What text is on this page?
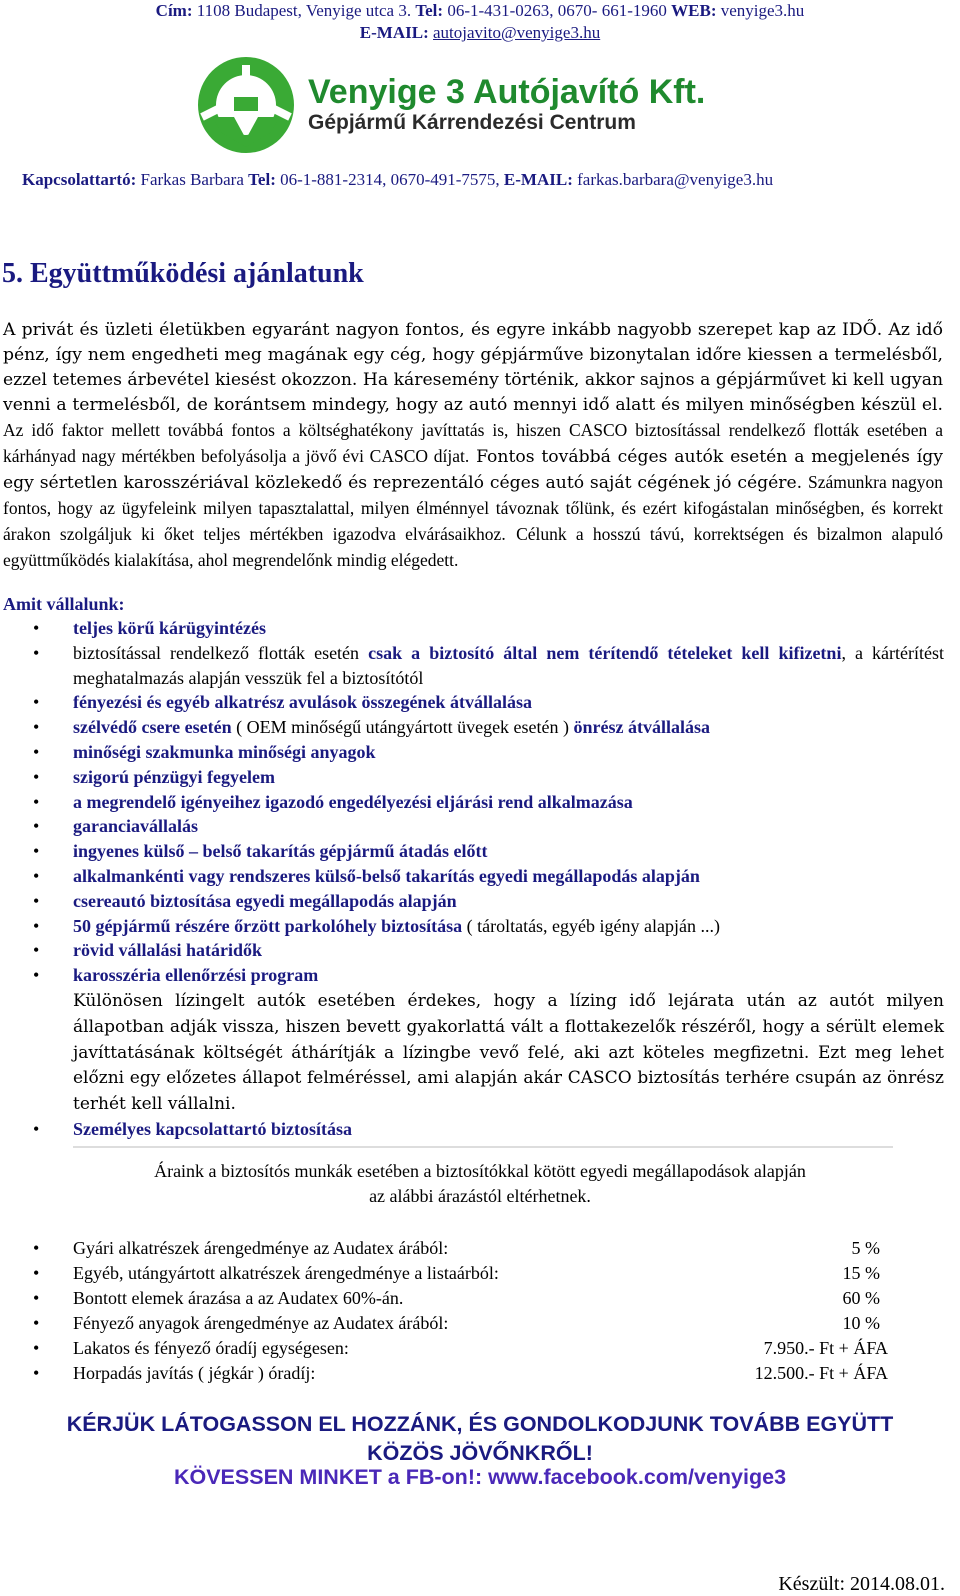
Cím: 1108 Budapest, Venyige utca 3. Tel: 06-1-431-0263, 0670- 661-1960 WEB: venyige3.hu
E-MAIL: autojavito@venyige3.hu
Venyige 3 Autójavító Kft.
Gépjármű Kárrendezési Centrum
Kapcsolattartó: Farkas Barbara Tel: 06-1-881-2314, 0670-491-7575, E-MAIL: farkas.barbara@venyige3.hu
5. Együttműködési ajánlatunk
A privát és üzleti életükben egyaránt nagyon fontos, és egyre inkább nagyobb szerepet kap az IDŐ. Az idő pénz, így nem engedheti meg magának egy cég, hogy gépjárműve bizonytalan időre kiessen a termelésből, ezzel tetemes árbevétel kiesést okozzon. Ha káresemény történik, akkor sajnos a gépjárművet ki kell ugyan venni a termelésből, de korántsem mindegy, hogy az autó mennyi idő alatt és milyen minőségben készül el. Az idő faktor mellett továbbá fontos a költséghatékony javíttatás is, hiszen CASCO biztosítással rendelkező flották esetében a kárhányad nagy mértékben befolyásolja a jövő évi CASCO díjat. Fontos továbbá céges autók esetén a megjelenés így egy sértetlen karosszériával közlekedő és reprezentáló céges autó saját cégének jó cégére. Számunkra nagyon fontos, hogy az ügyfeleink milyen tapasztalattal, milyen élménnyel távoznak tőlünk, és ezért kifogástalan minőségben, és korrekt árakon szolgáljuk ki őket teljes mértékben igazodva elvárásaikhoz. Célunk a hosszú távú, korrektségen és bizalmon alapuló együttműködés kialakítása, ahol megrendelőnk mindig elégedett.
Amit vállalunk:
• teljes körű kárügyintézés
• biztosítással rendelkező flották esetén csak a biztosító által nem térítendő tételeket kell kifizetni, a kártérítést meghatalmazás alapján vesszük fel a biztosítótól
• fényezési és egyéb alkatrész avulások összegének átvállalása
• szélvédő csere esetén ( OEM minőségű utángyártott üvegek esetén ) önrész átvállalása
• minőségi szakmunka minőségi anyagok
• szigorú pénzügyi fegyelem
• a megrendelő igényeihez igazodó engedélyezési eljárási rend alkalmazása
• garanciavállalás
• ingyenes külső – belső takarítás gépjármű átadás előtt
• alkalmankénti vagy rendszeres külső-belső takarítás egyedi megállapodás alapján
• csereautó biztosítása egyedi megállapodás alapján
• 50 gépjármű részére őrzött parkolóhely biztosítása ( tároltatás, egyéb igény alapján ...)
• rövid vállalási határidők
• karosszéria ellenőrzési program
Különösen lízingelt autók esetében érdekes, hogy a lízing idő lejárata után az autót milyen állapotban adják vissza, hiszen bevett gyakorlattá vált a flottakezelők részéről, hogy a sérült elemek javíttatásának költségét áthárítják a lízingbe vevő felé, aki azt köteles megfizetni. Ezt meg lehet előzni egy előzetes állapot felméréssel, ami alapján akár CASCO biztosítás terhére csupán az önrész terhét kell vállalni.
• Személyes kapcsolattartó biztosítása
Áraink a biztosítós munkák esetében a biztosítókkal kötött egyedi megállapodások alapján
az alábbi árazástól eltérhetnek.
• Gyári alkatrészek árengedménye az Audatex árából:	5 %
• Egyéb, utángyártott alkatrészek árengedménye a listaárból:	15 %
• Bontott elemek árazása a az Audatex 60%-án.	60 %
• Fényező anyagok árengedménye az Audatex árából:	10 %
• Lakatos és fényező óradíj egységesen:	7.950.- Ft + ÁFA
• Horpadás javítás ( jégkár ) óradíj:	12.500.- Ft + ÁFA
KÉRJÜK LÁTOGASSON EL HOZZÁNK, ÉS GONDOLKODJUNK TOVÁBB EGYÜTT
KÖZÖS JÖVŐNKRŐL!
KÖVESSEN MINKET a FB-on!: www.facebook.com/venyige3
Készült: 2014.08.01.
